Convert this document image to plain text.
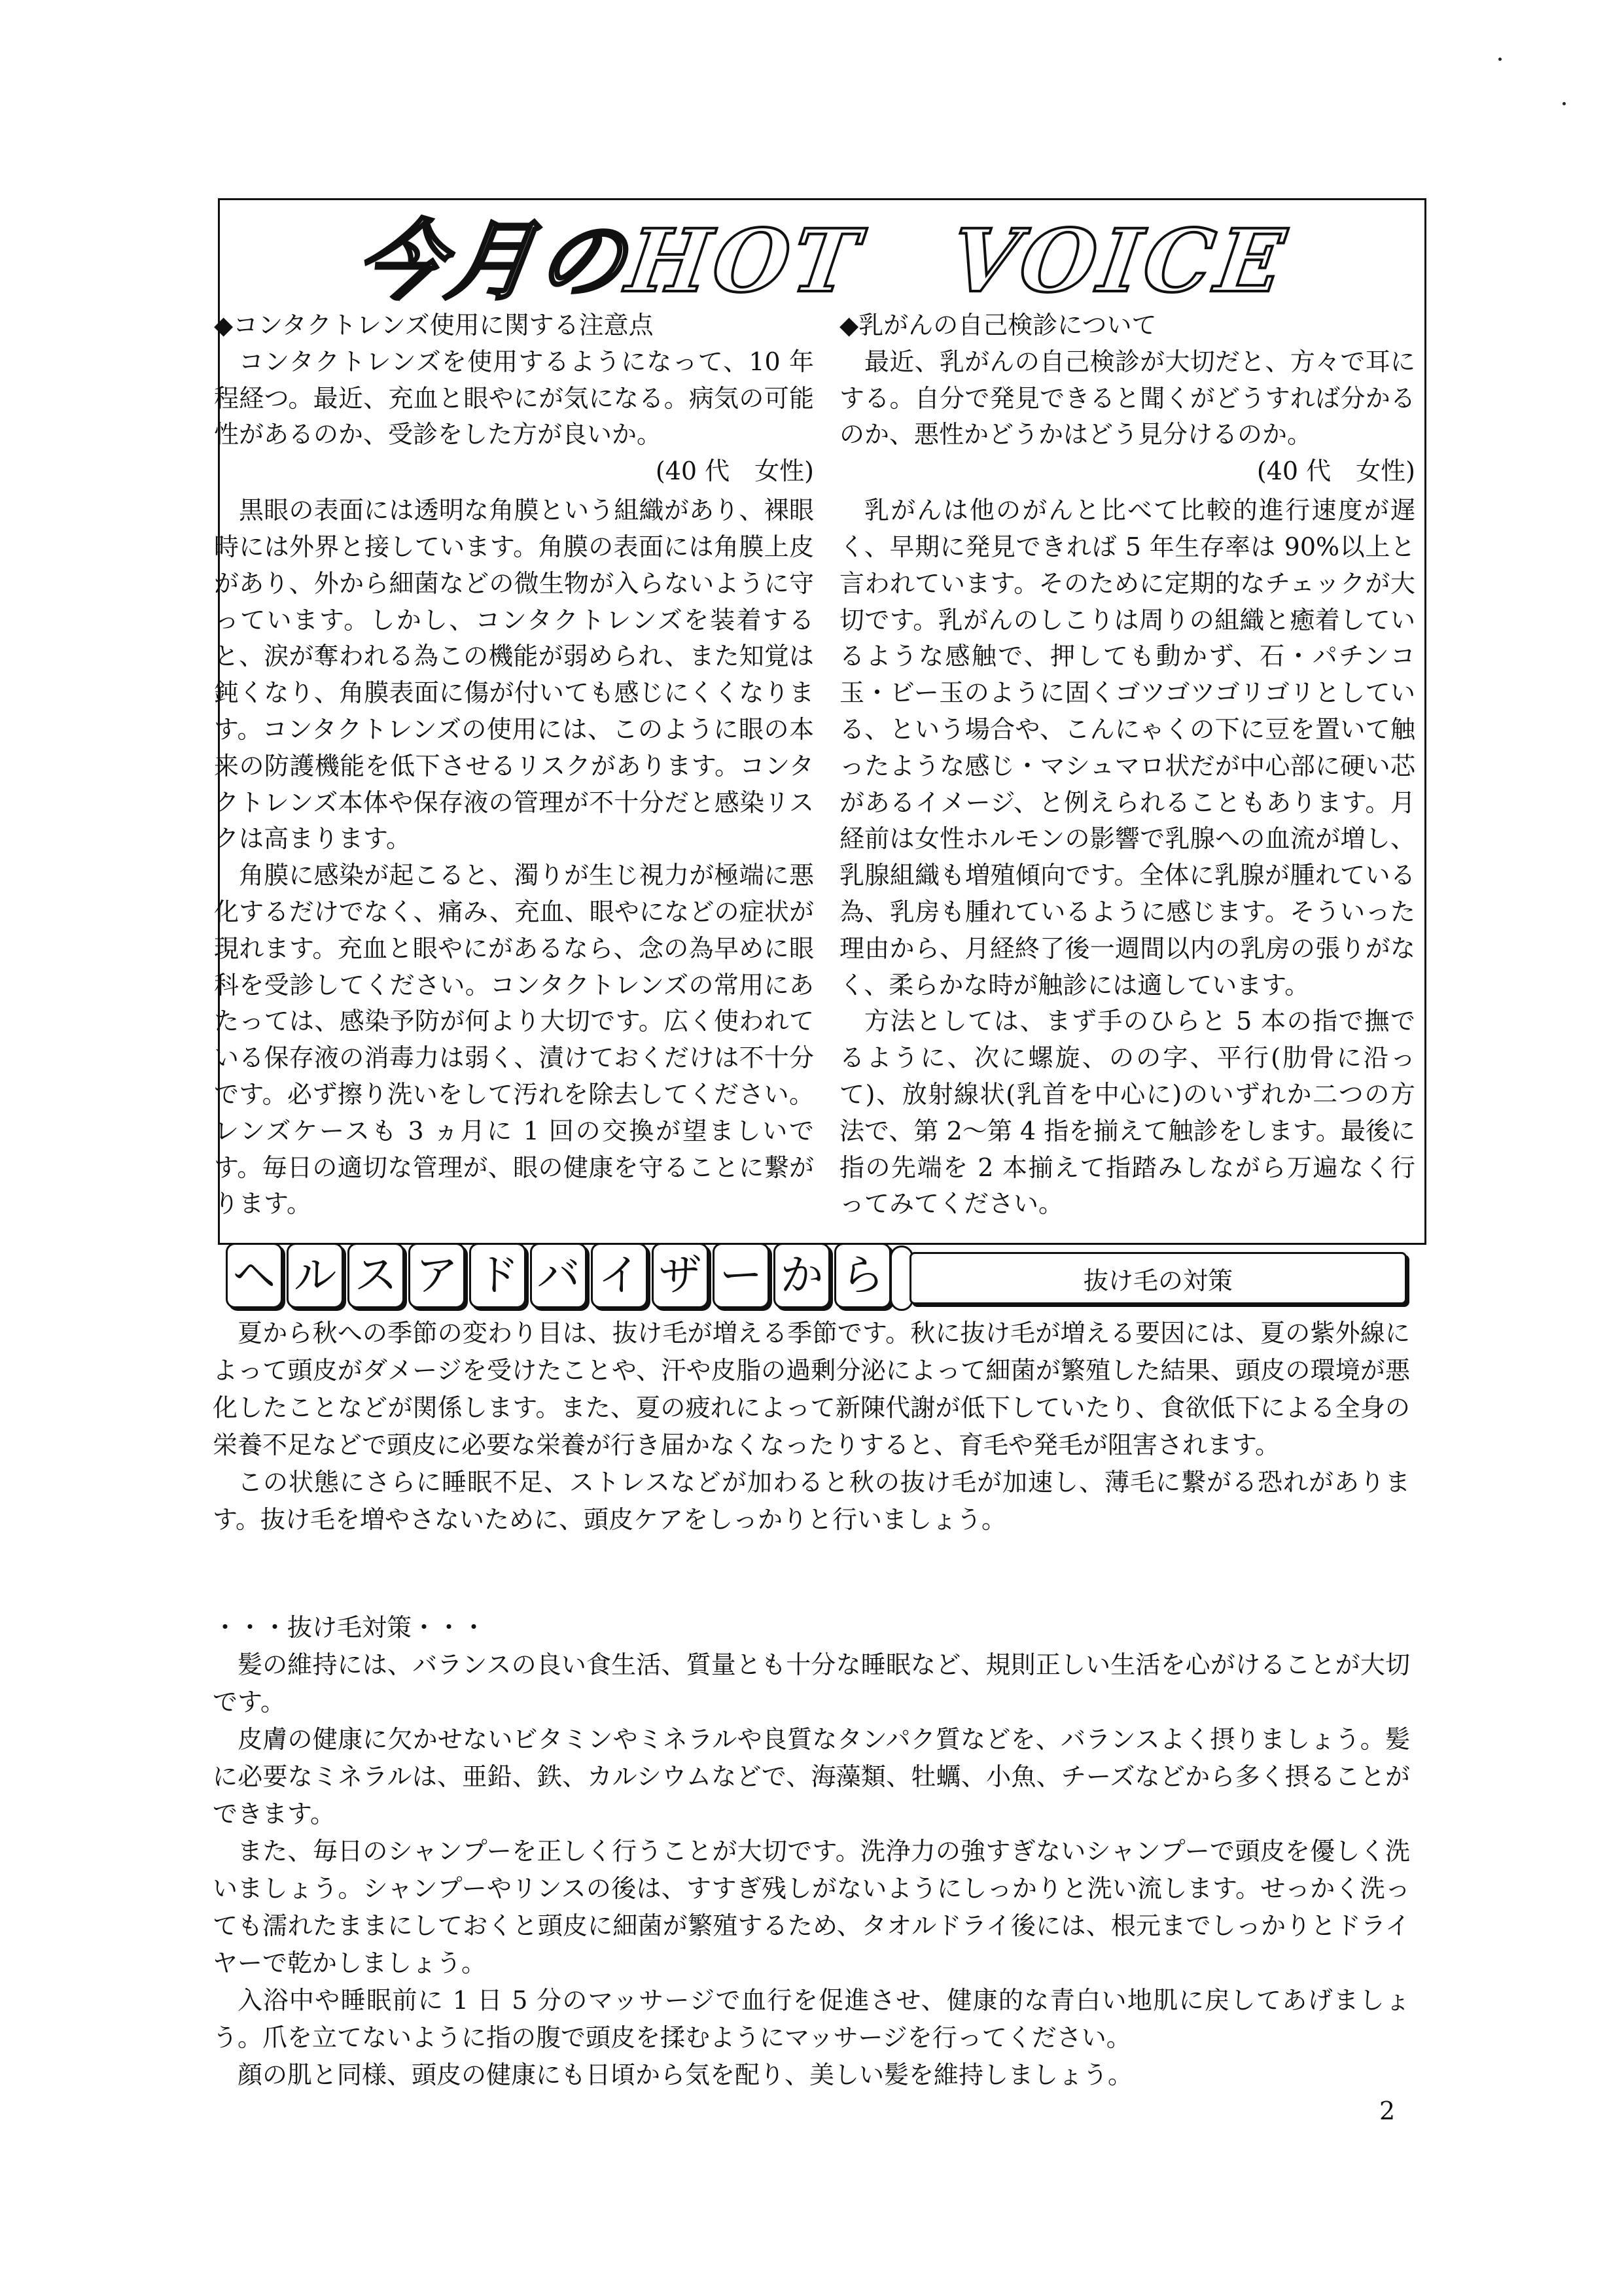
今月のHOT　VOICE

◆コンタクトレンズ使用に関する注意点

コンタクトレンズを使用するようになって、10 年程経つ。最近、充血と眼やにが気になる。病気の可能性があるのか、受診をした方が良いか。
(40 代　女性)

黒眼の表面には透明な角膜という組織があり、裸眼時には外界と接しています。角膜の表面には角膜上皮があり、外から細菌などの微生物が入らないように守っています。しかし、コンタクトレンズを装着すると、涙が奪われる為この機能が弱められ、また知覚は鈍くなり、角膜表面に傷が付いても感じにくくなります。コンタクトレンズの使用には、このように眼の本来の防護機能を低下させるリスクがあります。コンタクトレンズ本体や保存液の管理が不十分だと感染リスクは高まります。

角膜に感染が起こると、濁りが生じ視力が極端に悪化するだけでなく、痛み、充血、眼やになどの症状が現れます。充血と眼やにがあるなら、念の為早めに眼科を受診してください。コンタクトレンズの常用にあたっては、感染予防が何より大切です。広く使われている保存液の消毒力は弱く、漬けておくだけは不十分です。必ず擦り洗いをして汚れを除去してください。レンズケースも 3 ヵ月に 1 回の交換が望ましいです。毎日の適切な管理が、眼の健康を守ることに繋がります。

◆乳がんの自己検診について

最近、乳がんの自己検診が大切だと、方々で耳にする。自分で発見できると聞くがどうすれば分かるのか、悪性かどうかはどう見分けるのか。
(40 代　女性)

乳がんは他のがんと比べて比較的進行速度が遅く、早期に発見できれば 5 年生存率は 90%以上と言われています。そのために定期的なチェックが大切です。乳がんのしこりは周りの組織と癒着しているような感触で、押しても動かず、石・パチンコ玉・ビー玉のように固くゴツゴツゴリゴリとしている、という場合や、こんにゃくの下に豆を置いて触ったような感じ・マシュマロ状だが中心部に硬い芯があるイメージ、と例えられることもあります。月経前は女性ホルモンの影響で乳腺への血流が増し、乳腺組織も増殖傾向です。全体に乳腺が腫れている為、乳房も腫れているように感じます。そういった理由から、月経終了後一週間以内の乳房の張りがなく、柔らかな時が触診には適しています。

方法としては、まず手のひらと 5 本の指で撫でるように、次に螺旋、のの字、平行(肋骨に沿って)、放射線状(乳首を中心に)のいずれか二つの方法で、第 2～第 4 指を揃えて触診をします。最後に指の先端を 2 本揃えて指踏みしながら万遍なく行ってみてください。

ヘ ル ス ア ド バ イ ザ ー か ら	抜け毛の対策

夏から秋への季節の変わり目は、抜け毛が増える季節です。秋に抜け毛が増える要因には、夏の紫外線によって頭皮がダメージを受けたことや、汗や皮脂の過剰分泌によって細菌が繁殖した結果、頭皮の環境が悪化したことなどが関係します。また、夏の疲れによって新陳代謝が低下していたり、食欲低下による全身の栄養不足などで頭皮に必要な栄養が行き届かなくなったりすると、育毛や発毛が阻害されます。

この状態にさらに睡眠不足、ストレスなどが加わると秋の抜け毛が加速し、薄毛に繋がる恐れがあります。抜け毛を増やさないために、頭皮ケアをしっかりと行いましょう。

・・・抜け毛対策・・・

髪の維持には、バランスの良い食生活、質量とも十分な睡眠など、規則正しい生活を心がけることが大切です。

皮膚の健康に欠かせないビタミンやミネラルや良質なタンパク質などを、バランスよく摂りましょう。髪に必要なミネラルは、亜鉛、鉄、カルシウムなどで、海藻類、牡蠣、小魚、チーズなどから多く摂ることができます。

また、毎日のシャンプーを正しく行うことが大切です。洗浄力の強すぎないシャンプーで頭皮を優しく洗いましょう。シャンプーやリンスの後は、すすぎ残しがないようにしっかりと洗い流します。せっかく洗っても濡れたままにしておくと頭皮に細菌が繁殖するため、タオルドライ後には、根元までしっかりとドライヤーで乾かしましょう。

入浴中や睡眠前に 1 日 5 分のマッサージで血行を促進させ、健康的な青白い地肌に戻してあげましょう。爪を立てないように指の腹で頭皮を揉むようにマッサージを行ってください。

顔の肌と同様、頭皮の健康にも日頃から気を配り、美しい髪を維持しましょう。

2
